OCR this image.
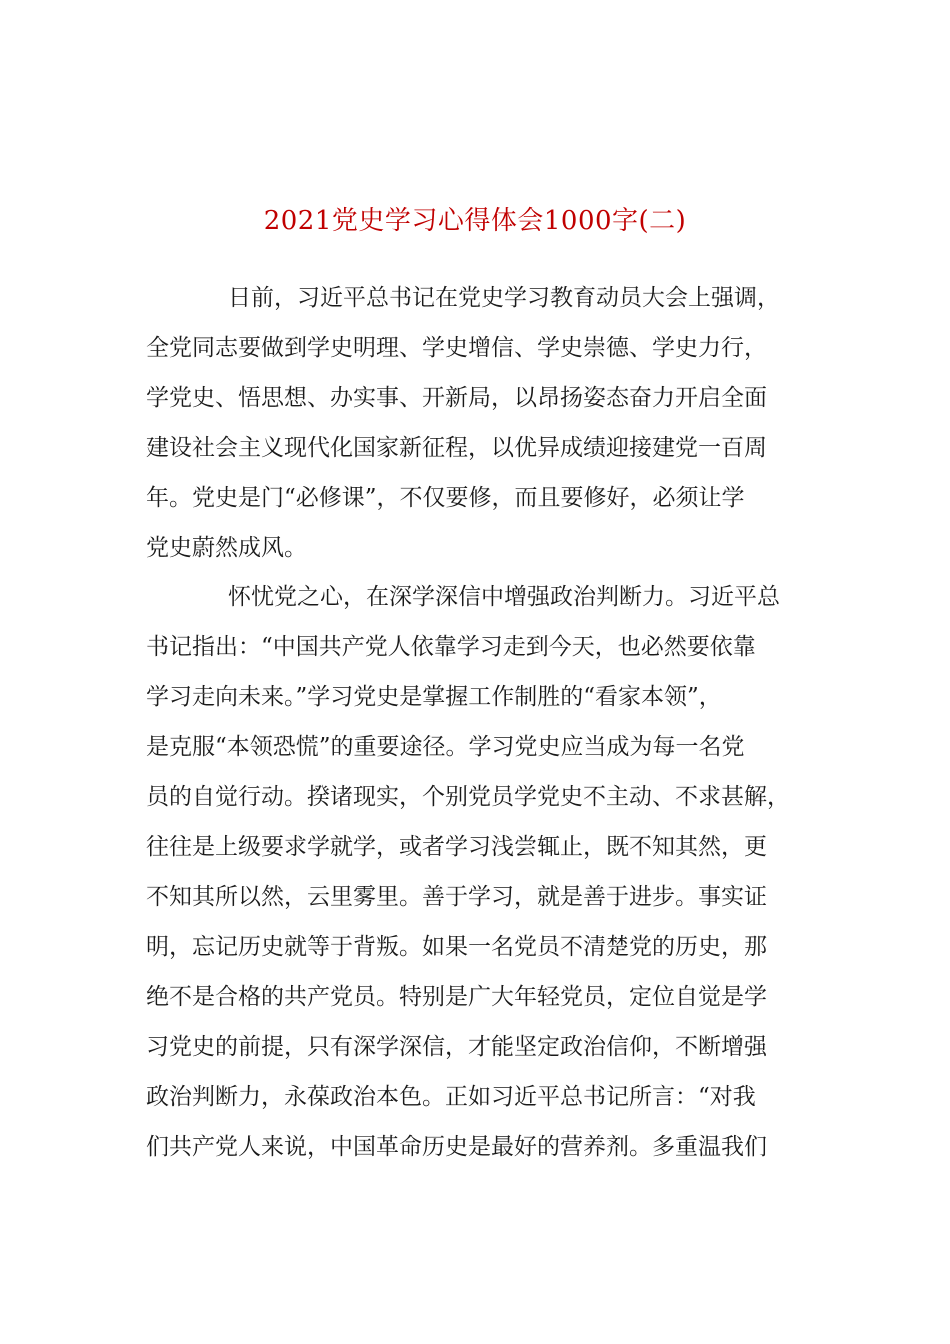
2021党史学习心得体会1000字(二)
日前，习近平总书记在党史学习教育动员大会上强调，
全党同志要做到学史明理、学史增信、学史崇德、学史力行，
学党史、悟思想、办实事、开新局，以昂扬姿态奋力开启全面
建设社会主义现代化国家新征程，以优异成绩迎接建党一百周
年。党史是门“必修课”，不仅要修，而且要修好，必须让学
党史蔚然成风。
怀忧党之心，在深学深信中增强政治判断力。习近平总
书记指出：“中国共产党人依靠学习走到今天，也必然要依靠
学习走向未来。”学习党史是掌握工作制胜的“看家本领”，
是克服“本领恐慌”的重要途径。学习党史应当成为每一名党
员的自觉行动。揆诸现实，个别党员学党史不主动、不求甚解，
往往是上级要求学就学，或者学习浅尝辄止，既不知其然，更
不知其所以然，云里雾里。善于学习，就是善于进步。事实证
明，忘记历史就等于背叛。如果一名党员不清楚党的历史，那
绝不是合格的共产党员。特别是广大年轻党员，定位自觉是学
习党史的前提，只有深学深信，才能坚定政治信仰，不断增强
政治判断力，永葆政治本色。正如习近平总书记所言：“对我
们共产党人来说，中国革命历史是最好的营养剂。多重温我们
